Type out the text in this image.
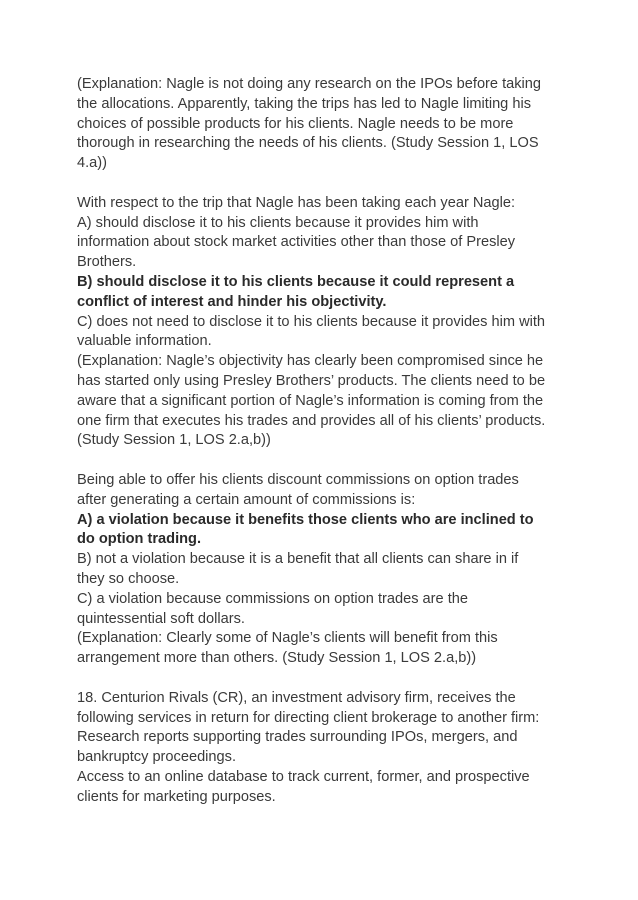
(Explanation: Nagle is not doing any research on the IPOs before taking
the allocations. Apparently, taking the trips has led to Nagle limiting his
choices of possible products for his clients. Nagle needs to be more
thorough in researching the needs of his clients. (Study Session 1, LOS
4.a))
With respect to the trip that Nagle has been taking each year Nagle:
A) should disclose it to his clients because it provides him with
information about stock market activities other than those of Presley
Brothers.
B) should disclose it to his clients because it could represent a
conflict of interest and hinder his objectivity.
C) does not need to disclose it to his clients because it provides him with
valuable information.
(Explanation: Nagle’s objectivity has clearly been compromised since he
has started only using Presley Brothers’ products. The clients need to be
aware that a significant portion of Nagle’s information is coming from the
one firm that executes his trades and provides all of his clients’ products.
(Study Session 1, LOS 2.a,b))
Being able to offer his clients discount commissions on option trades
after generating a certain amount of commissions is:
A) a violation because it benefits those clients who are inclined to
do option trading.
B) not a violation because it is a benefit that all clients can share in if
they so choose.
C) a violation because commissions on option trades are the
quintessential soft dollars.
(Explanation: Clearly some of Nagle’s clients will benefit from this
arrangement more than others. (Study Session 1, LOS 2.a,b))
18. Centurion Rivals (CR), an investment advisory firm, receives the
following services in return for directing client brokerage to another firm:
Research reports supporting trades surrounding IPOs, mergers, and
bankruptcy proceedings.
Access to an online database to track current, former, and prospective
clients for marketing purposes.
